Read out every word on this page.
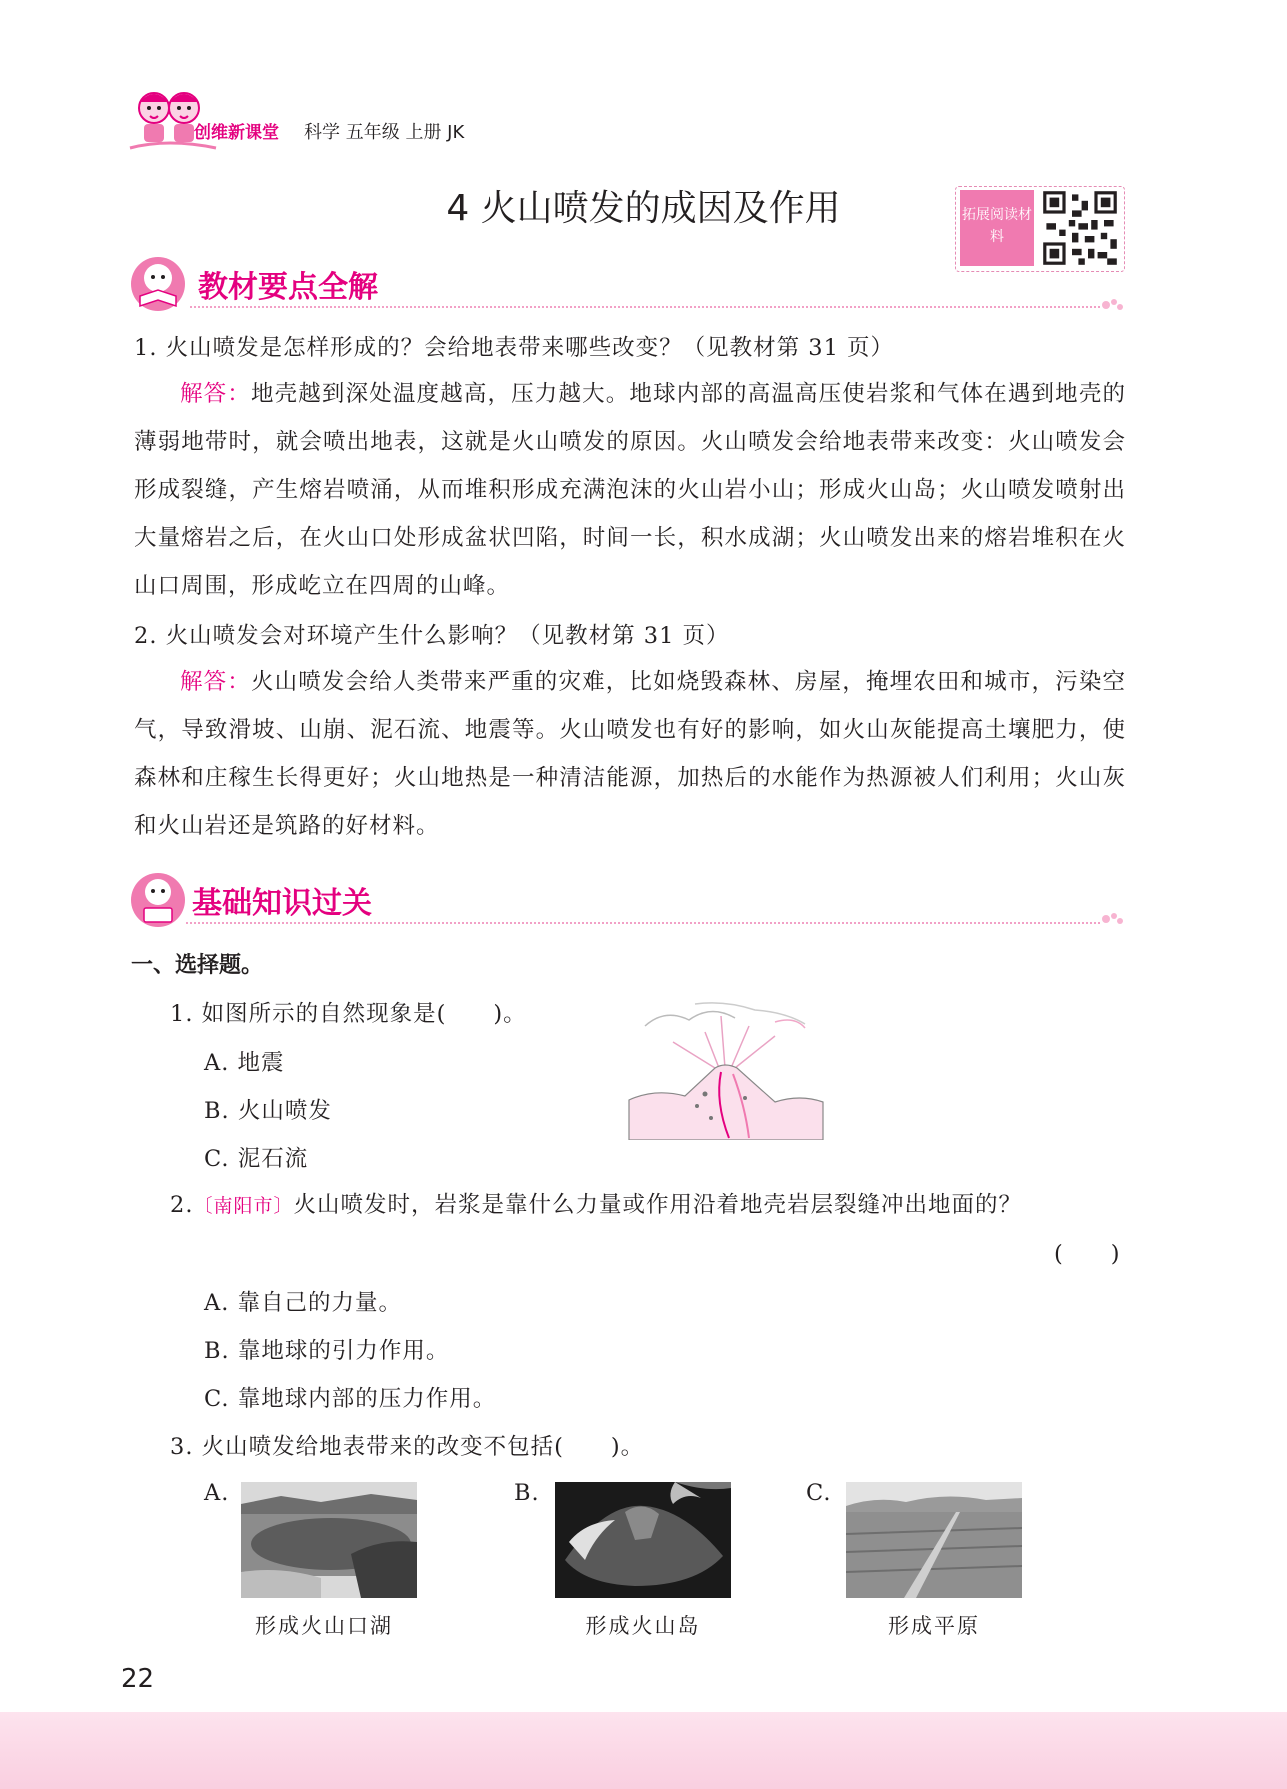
创维新课堂 科学 五年级 上册 JK
4 火山喷发的成因及作用	拓展阅读材料
教材要点全解
1. 火山喷发是怎样形成的？会给地表带来哪些改变？（见教材第 31 页）
解答：地壳越到深处温度越高，压力越大。地球内部的高温高压使岩浆和气体在遇到地壳的薄弱地带时，就会喷出地表，这就是火山喷发的原因。火山喷发会给地表带来改变：火山喷发会形成裂缝，产生熔岩喷涌，从而堆积形成充满泡沫的火山岩小山；形成火山岛；火山喷发喷射出大量熔岩之后，在火山口处形成盆状凹陷，时间一长，积水成湖；火山喷发出来的熔岩堆积在火山口周围，形成屹立在四周的山峰。
2. 火山喷发会对环境产生什么影响？（见教材第 31 页）
解答：火山喷发会给人类带来严重的灾难，比如烧毁森林、房屋，掩埋农田和城市，污染空气，导致滑坡、山崩、泥石流、地震等。火山喷发也有好的影响，如火山灰能提高土壤肥力，使森林和庄稼生长得更好；火山地热是一种清洁能源，加热后的水能作为热源被人们利用；火山灰和火山岩还是筑路的好材料。
基础知识过关
一、选择题。
1. 如图所示的自然现象是(　　)。
A. 地震
B. 火山喷发
C. 泥石流
2.〔南阳市〕火山喷发时，岩浆是靠什么力量或作用沿着地壳岩层裂缝冲出地面的？
(　　)
A. 靠自己的力量。
B. 靠地球的引力作用。
C. 靠地球内部的压力作用。
3. 火山喷发给地表带来的改变不包括(　　)。
A.
形成火山口湖
B.
形成火山岛
C.
形成平原
22
